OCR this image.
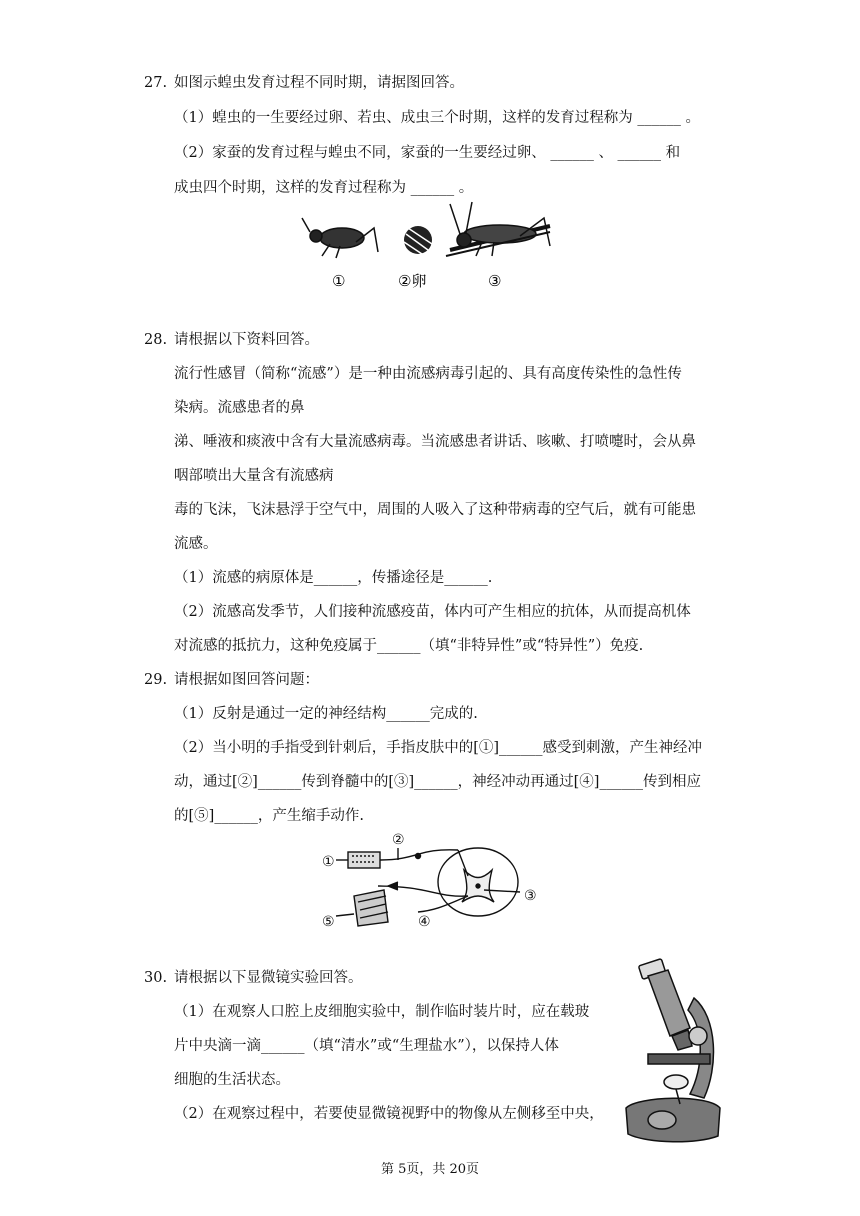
27. 如图示蝗虫发育过程不同时期，请据图回答。
（1）蝗虫的一生要经过卵、若虫、成虫三个时期，这样的发育过程称为 ______ 。
（2）家蚕的发育过程与蝗虫不同，家蚕的一生要经过卵、 ______ 、 ______ 和
成虫四个时期，这样的发育过程称为 ______ 。
①	②卵	③
28. 请根据以下资料回答。
流行性感冒（简称“流感”）是一种由流感病毒引起的、具有高度传染性的急性传
染病。流感患者的鼻
涕、唾液和痰液中含有大量流感病毒。当流感患者讲话、咳嗽、打喷嚏时，会从鼻
咽部喷出大量含有流感病
毒的飞沫，飞沫悬浮于空气中，周围的人吸入了这种带病毒的空气后，就有可能患
流感。
（1）流感的病原体是______，传播途径是______.
（2）流感高发季节，人们接种流感疫苗，体内可产生相应的抗体，从而提高机体
对流感的抵抗力，这种免疫属于______（填“非特异性”或“特异性”）免疫.
29. 请根据如图回答问题：
（1）反射是通过一定的神经结构______完成的.
（2）当小明的手指受到针刺后，手指皮肤中的[①]______感受到刺激，产生神经冲
动，通过[②]______传到脊髓中的[③]______，神经冲动再通过[④]______传到相应
的[⑤]______，产生缩手动作.
①
②
③
④
⑤
30. 请根据以下显微镜实验回答。
（1）在观察人口腔上皮细胞实验中，制作临时装片时，应在载玻
片中央滴一滴______（填“清水”或“生理盐水”），以保持人体
细胞的生活状态。
（2）在观察过程中，若要使显微镜视野中的物像从左侧移至中央，
第 5页，共 20页
